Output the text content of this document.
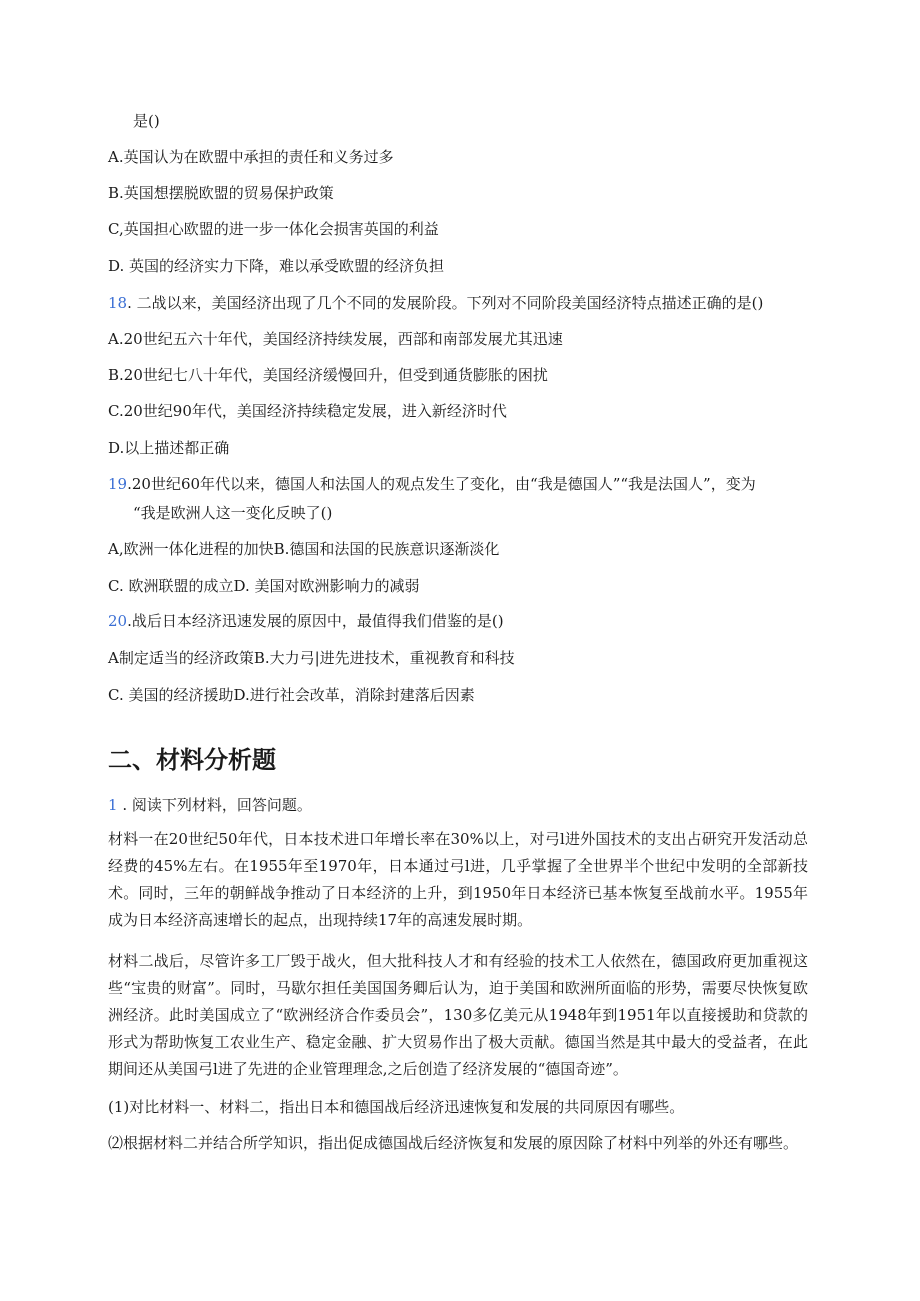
是()
A.英国认为在欧盟中承担的责任和义务过多
B.英国想摆脱欧盟的贸易保护政策
C,英国担心欧盟的进一步一体化会损害英国的利益
D. 英国的经济实力下降，难以承受欧盟的经济负担
18. 二战以来，美国经济出现了几个不同的发展阶段。下列对不同阶段美国经济特点描述正确的是()
A.20世纪五六十年代，美国经济持续发展，西部和南部发展尤其迅速
B.20世纪七八十年代，美国经济缓慢回升，但受到通货膨胀的困扰
C.20世纪90年代，美国经济持续稳定发展，进入新经济时代
D.以上描述都正确
19.20世纪60年代以来，德国人和法国人的观点发生了变化，由“我是德国人”“我是法国人”，变为
“我是欧洲人这一变化反映了()
A,欧洲一体化进程的加快B.德国和法国的民族意识逐渐淡化
C. 欧洲联盟的成立D. 美国对欧洲影响力的减弱
20.战后日本经济迅速发展的原因中，最值得我们借鉴的是()
A制定适当的经济政策B.大力弓|进先进技术，重视教育和科技
C. 美国的经济援助D.进行社会改革，消除封建落后因素
二、材料分析题
1 . 阅读下列材料，回答问题。
材料一在20世纪50年代，日本技术进口年增长率在30%以上，对弓l进外国技术的支出占研究开发活动总经费的45%左右。在1955年至1970年，日本通过弓l进，几乎掌握了全世界半个世纪中发明的全部新技术。同时，三年的朝鲜战争推动了日本经济的上升，到1950年日本经济已基本恢复至战前水平。1955年成为日本经济高速增长的起点，出现持续17年的高速发展时期。
材料二战后，尽管许多工厂毁于战火，但大批科技人才和有经验的技术工人依然在，德国政府更加重视这些“宝贵的财富”。同时，马歇尔担任美国国务卿后认为，迫于美国和欧洲所面临的形势，需要尽快恢复欧洲经济。此时美国成立了“欧洲经济合作委员会”，130多亿美元从1948年到1951年以直接援助和贷款的形式为帮助恢复工农业生产、稳定金融、扩大贸易作出了极大贡献。德国当然是其中最大的受益者，在此期间还从美国弓l进了先进的企业管理理念,之后创造了经济发展的“德国奇迹”。
(1)对比材料一、材料二，指出日本和德国战后经济迅速恢复和发展的共同原因有哪些。
⑵根据材料二并结合所学知识，指出促成德国战后经济恢复和发展的原因除了材料中列举的外还有哪些。
